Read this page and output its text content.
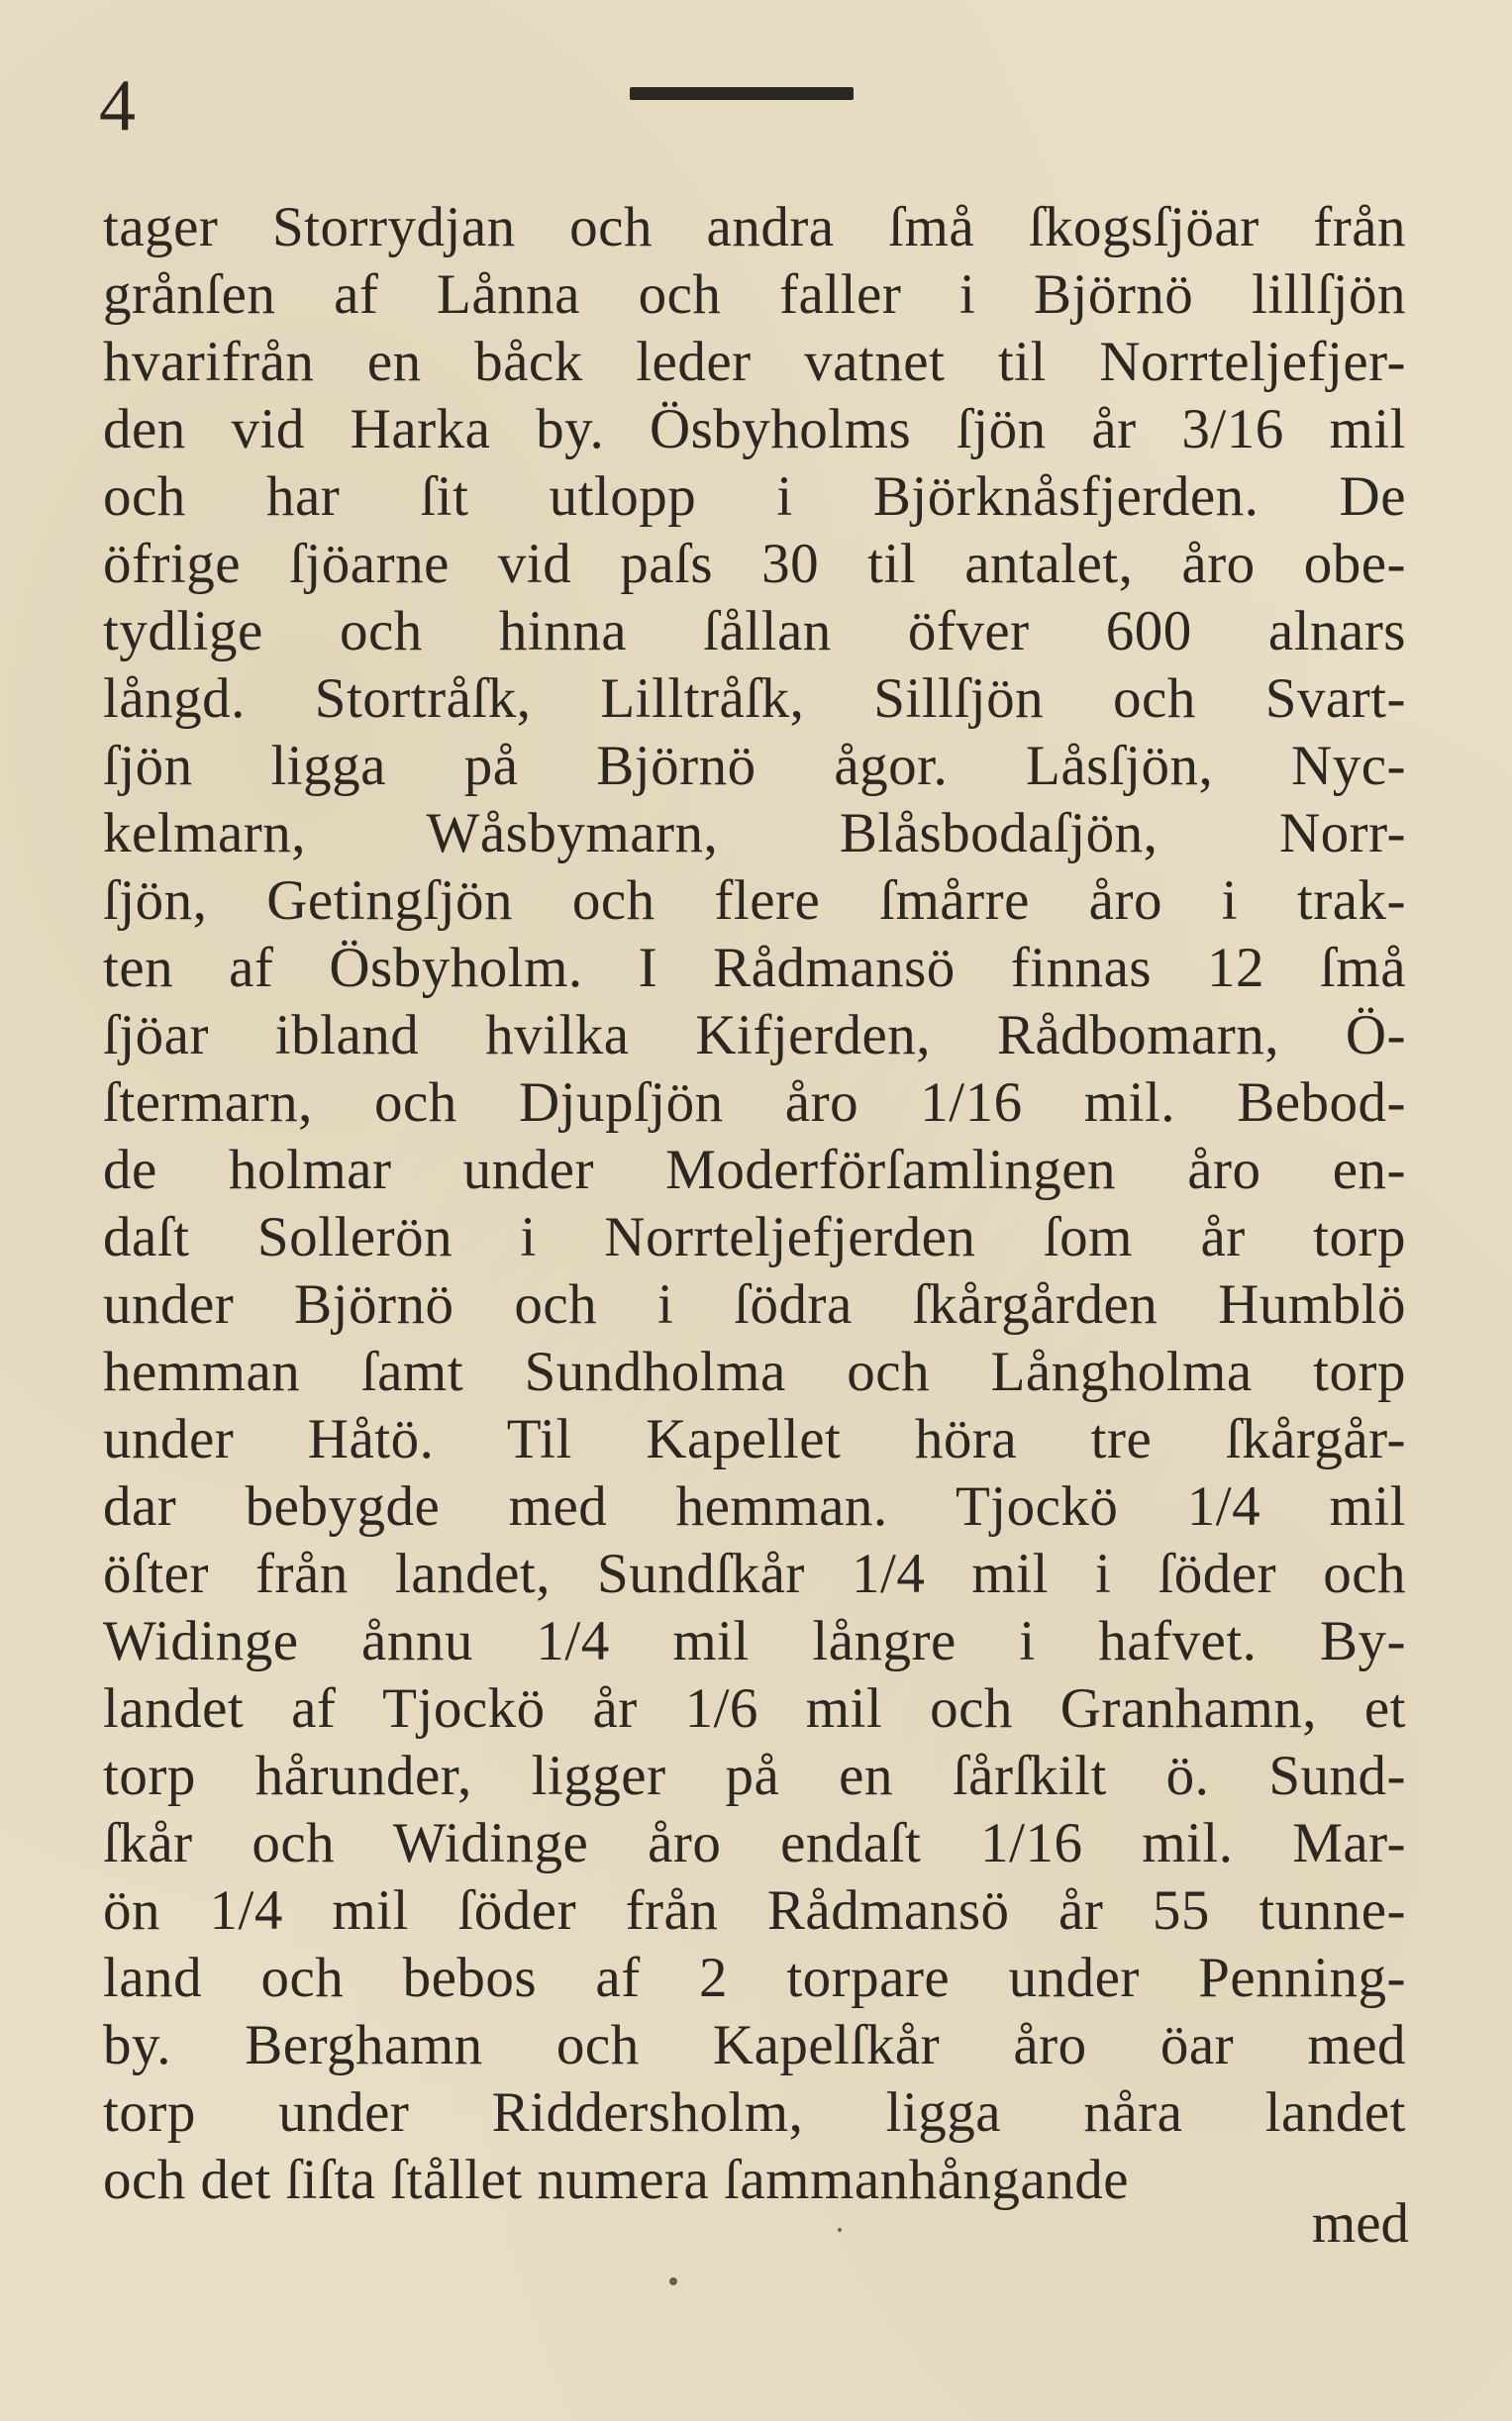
4
tager Storrydjan och andra ſmå ſkogsſjöar från
grånſen af Lånna och faller i Björnö lillſjön
hvarifrån en båck leder vatnet til Norrteljefjer-
den vid Harka by. Ösbyholms ſjön år 3/16 mil
och har ſit utlopp i Björknåsfjerden. De
öfrige ſjöarne vid paſs 30 til antalet, åro obe-
tydlige och hinna ſållan öfver 600 alnars
långd. Stortråſk, Lilltråſk, Sillſjön och Svart-
ſjön ligga på Björnö ågor. Låsſjön, Nyc-
kelmarn, Wåsbymarn, Blåsbodaſjön, Norr-
ſjön, Getingſjön och flere ſmårre åro i trak-
ten af Ösbyholm. I Rådmansö finnas 12 ſmå
ſjöar ibland hvilka Kifjerden, Rådbomarn, Ö-
ſtermarn, och Djupſjön åro 1/16 mil. Bebod-
de holmar under Moderförſamlingen åro en-
daſt Sollerön i Norrteljefjerden ſom år torp
under Björnö och i ſödra ſkårgården Humblö
hemman ſamt Sundholma och Långholma torp
under Håtö. Til Kapellet höra tre ſkårgår-
dar bebygde med hemman. Tjockö 1/4 mil
öſter från landet, Sundſkår 1/4 mil i ſöder och
Widinge ånnu 1/4 mil långre i hafvet. By-
landet af Tjockö år 1/6 mil och Granhamn, et
torp hårunder, ligger på en ſårſkilt ö. Sund-
ſkår och Widinge åro endaſt 1/16 mil. Mar-
ön 1/4 mil ſöder från Rådmansö år 55 tunne-
land och bebos af 2 torpare under Penning-
by. Berghamn och Kapelſkår åro öar med
torp under Riddersholm, ligga nåra landet
och det ſiſta ſtållet numera ſammanhångande
med
